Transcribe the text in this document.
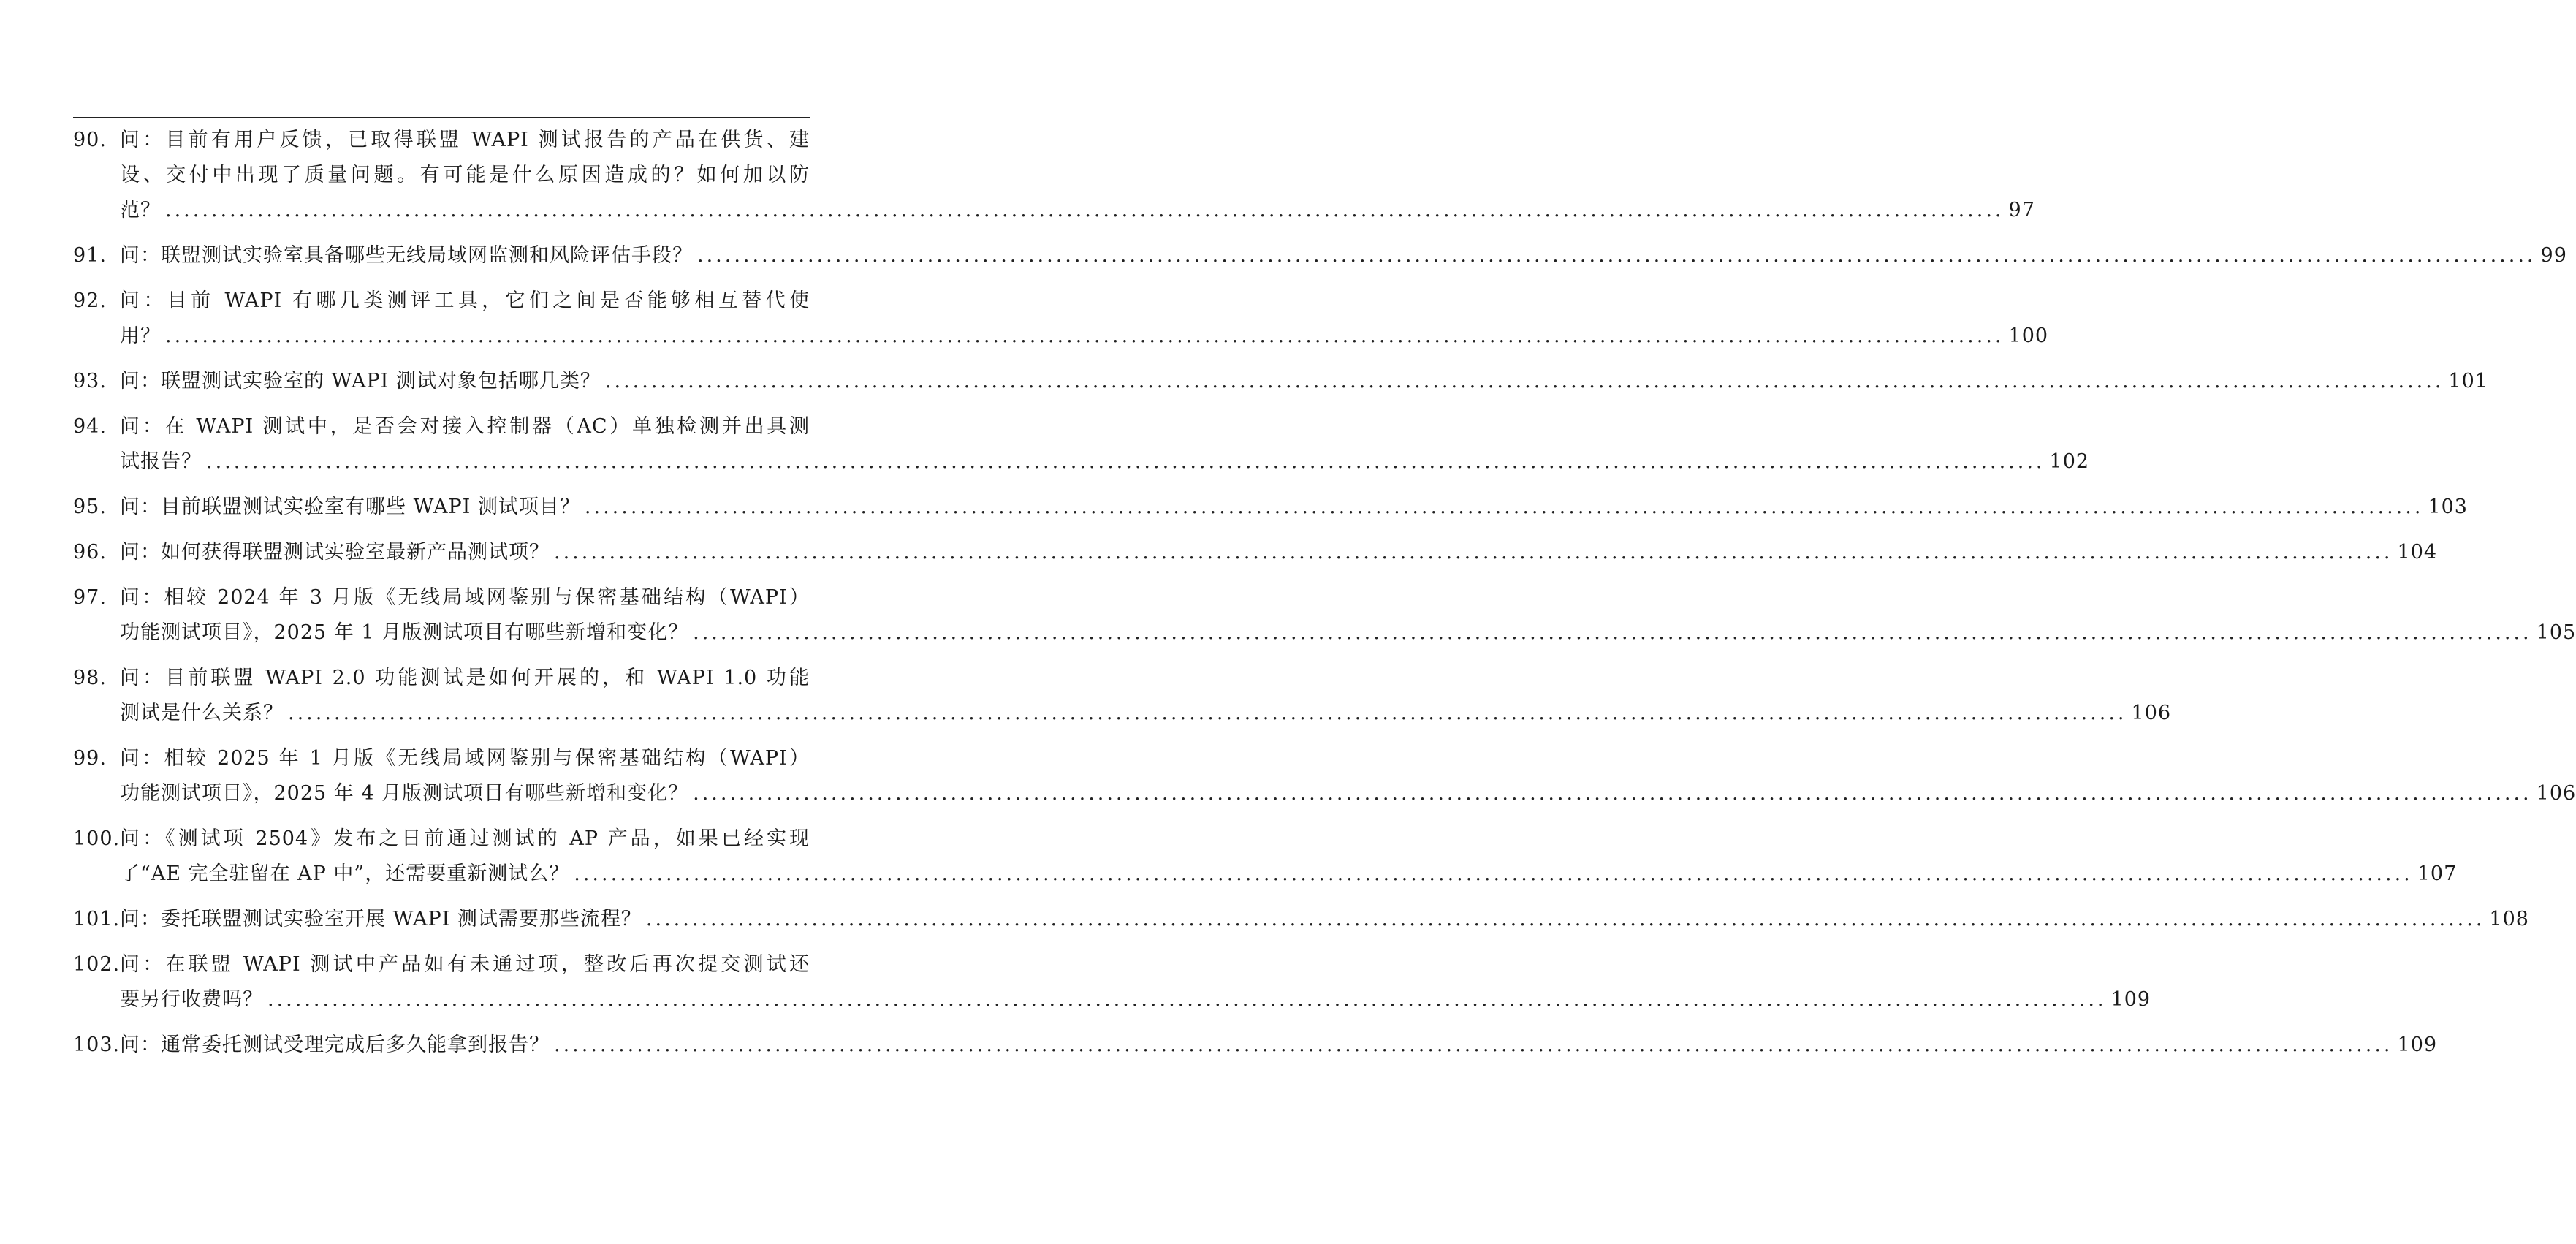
90. 问：目前有用户反馈，已取得联盟 WAPI 测试报告的产品在供货、建
设、交付中出现了质量问题。有可能是什么原因造成的？如何加以防
范？ ........................................................................................................................................................................................................ 97
91. 问：联盟测试实验室具备哪些无线局域网监测和风险评估手段？ ........................................................................................................................................................................................................ 99
92. 问：目前 WAPI 有哪几类测评工具，它们之间是否能够相互替代使
用？ ........................................................................................................................................................................................................ 100
93. 问：联盟测试实验室的 WAPI 测试对象包括哪几类？ ........................................................................................................................................................................................................ 101
94. 问：在 WAPI 测试中，是否会对接入控制器（AC）单独检测并出具测
试报告？ ........................................................................................................................................................................................................ 102
95. 问：目前联盟测试实验室有哪些 WAPI 测试项目？ ........................................................................................................................................................................................................ 103
96. 问：如何获得联盟测试实验室最新产品测试项？ ........................................................................................................................................................................................................ 104
97. 问：相较 2024 年 3 月版《无线局域网鉴别与保密基础结构（WAPI）
功能测试项目》，2025 年 1 月版测试项目有哪些新增和变化？ ........................................................................................................................................................................................................ 105
98. 问：目前联盟 WAPI 2.0 功能测试是如何开展的，和 WAPI 1.0 功能
测试是什么关系？ ........................................................................................................................................................................................................ 106
99. 问：相较 2025 年 1 月版《无线局域网鉴别与保密基础结构（WAPI）
功能测试项目》，2025 年 4 月版测试项目有哪些新增和变化？ ........................................................................................................................................................................................................ 106
100. 问：《测试项 2504》发布之日前通过测试的 AP 产品，如果已经实现
了“AE 完全驻留在 AP 中”，还需要重新测试么？ ........................................................................................................................................................................................................ 107
101. 问：委托联盟测试实验室开展 WAPI 测试需要那些流程？ ........................................................................................................................................................................................................ 108
102. 问：在联盟 WAPI 测试中产品如有未通过项，整改后再次提交测试还
要另行收费吗？ ........................................................................................................................................................................................................ 109
103. 问：通常委托测试受理完成后多久能拿到报告？ ........................................................................................................................................................................................................ 109
